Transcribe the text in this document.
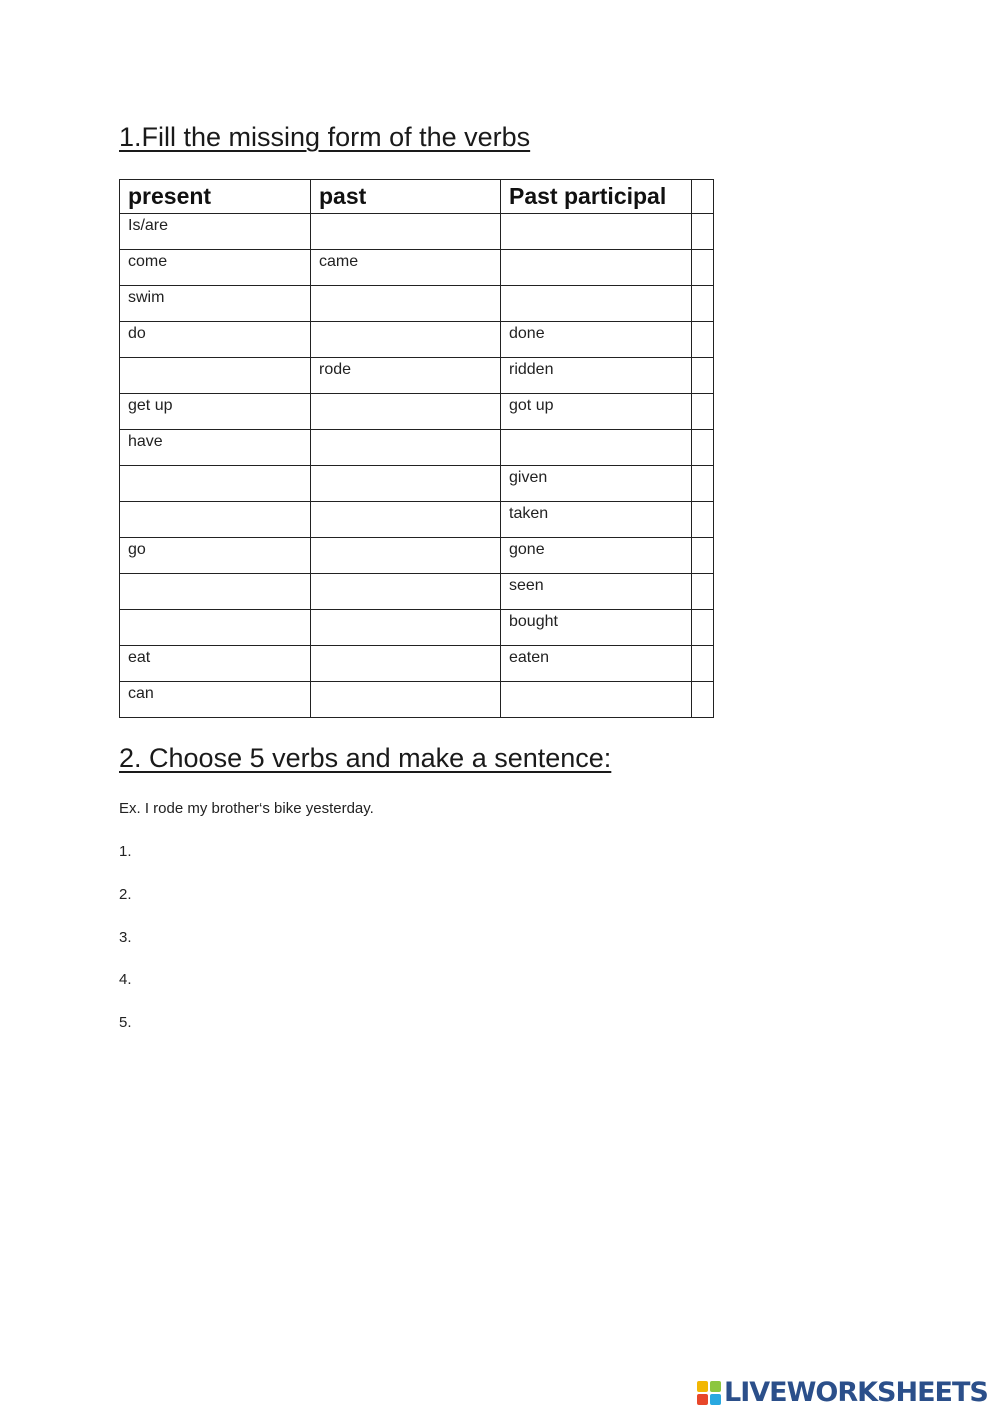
1.Fill the missing form of the verbs
present	past	Past participal	
Is/are			
come	came		
swim			
do		done	
	rode	ridden	
get up		got up	
have			
		given	
		taken	
go		gone	
		seen	
		bought	
eat		eaten	
can			
2. Choose 5 verbs and make a sentence:
Ex. I rode my brother‘s bike yesterday.
1.
2.
3.
4.
5.
LIVEWORKSHEETS
